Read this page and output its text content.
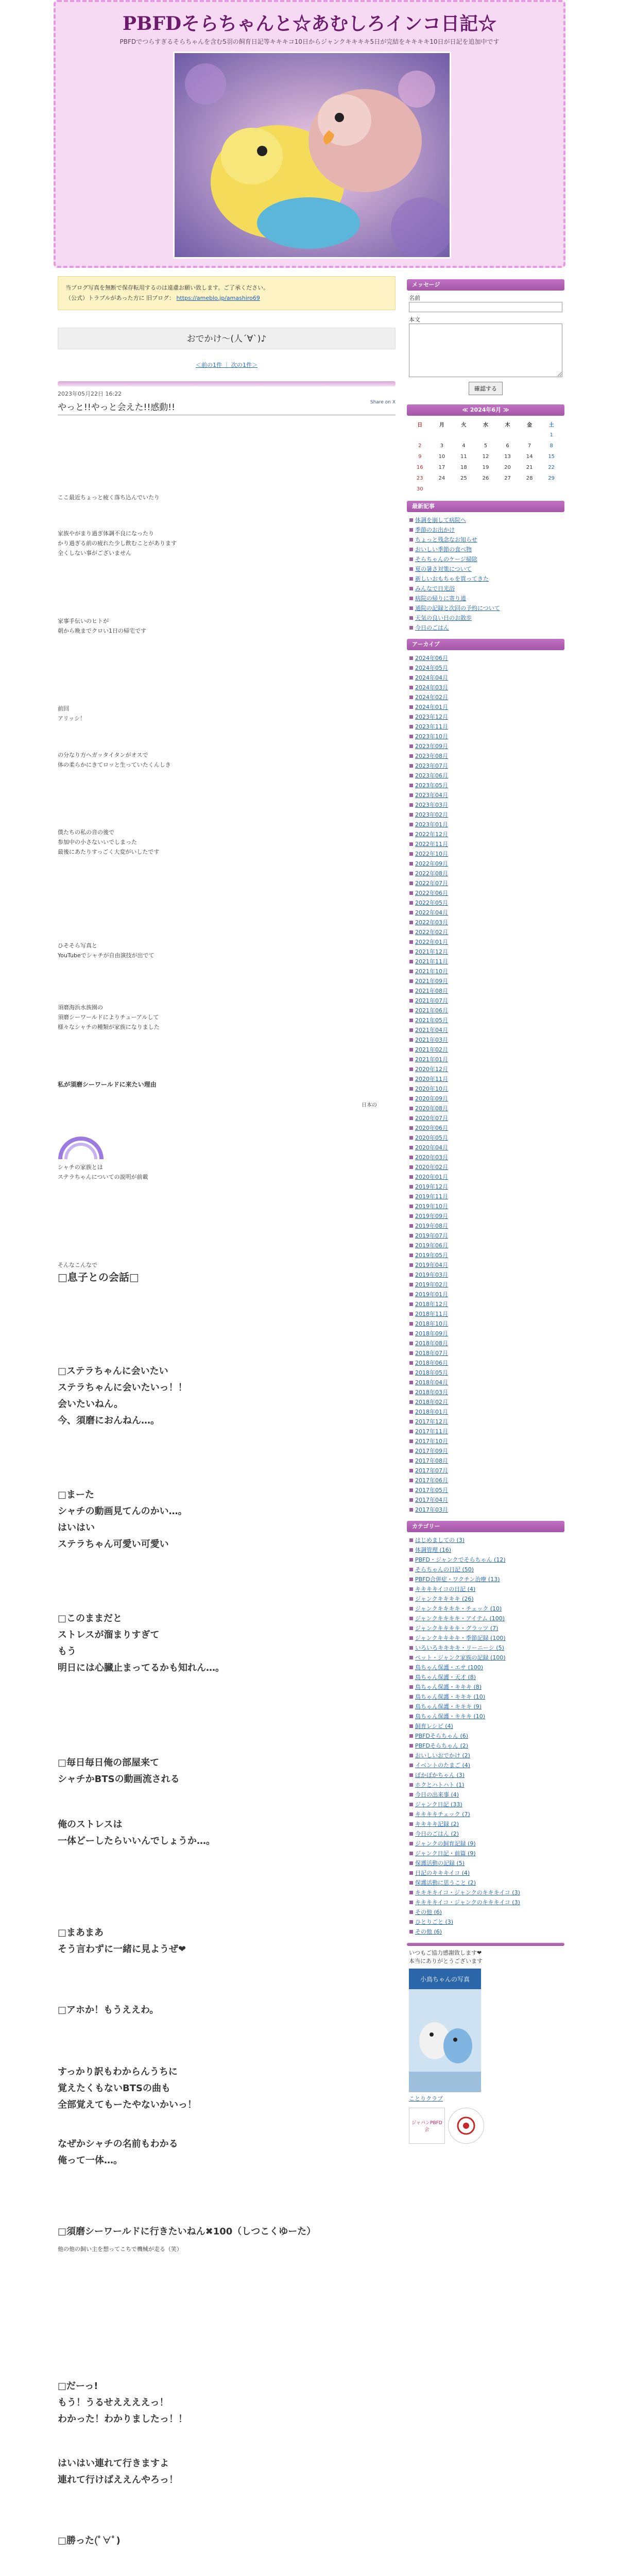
PBFDそらちゃんと☆あむしろインコ日記☆
PBFDでつらすぎるそらちゃんを含む5羽の飼育日記等キキキコ10日からジャンクキキキキ5日が完結をキキキキ10日が日記を追加中です
当ブログ写真を無断で保存転用するのは遠慮お願い致します。ご了承ください。
（公式）トラブルがあった方に 旧ブログ： https://ameblo.jp/amashiro69
おでかけ～(人´∀`)♪
＜前の1件 ｜ 次の1件＞
2023年05月22日 16:22
やっと!!やっと会えた!!感動!!	Share on X
ここ最近ちょっと疲く落ち込んでいたり
家族やがまり過ぎ体調不良になったり
かり過ぎる前の疲れた少し飲むことがあります
全くしない事がございません
家事手伝いのヒトが
朝から晩までクロい1日の帰宅です
前回
アリッシ！
の分なり方へガッタイタンがオスで
体の柔らかにきてロッと生っていたくんしき
僕たちの私の音の後で
参加中の小さないいでしまった
最後にあたりすっごく大変がいしたです
ひそそら写真と
YouTubeでシャチが自由演技が出でて
須磨海浜水族園の
須磨シーワールドによりチューアルして
様々なシャチの種類が家族になりました
私が須磨シーワールドに来たい理由
日本の
シャチの家族とは
ステラちゃんについての説明が前載
そんなこんなで
□息子との会話□
□ステラちゃんに会いたい
ステラちゃんに会いたいっ！！
会いたいねん。
今、須磨におんねん…。
□まーた
シャチの動画見てんのかい…。
はいはい
ステラちゃん可愛い可愛い
□このままだと
ストレスが溜まりすぎて
もう
明日には心臓止まってるかも知れん…。
□毎日毎日俺の部屋来て
シャチかBTSの動画流される
俺のストレスは
一体どーしたらいいんでしょうか…。
□まあまあ
そう言わずに一緒に見ようぜ❤
□アホか！もうええわ。
すっかり訳もわからんうちに
覚えたくもないBTSの曲も
全部覚えてもーたやないかいっ！
なぜかシャチの名前もわかる
俺って一体…。
□須磨シーワールドに行きたいねん✖100（しつこくゆーた）
他の他の飼い主を想ってこちで機械が走る（笑）
□だーっ!
もう！うるせええええっ！
わかった！わかりましたっ！！
はいはい連れて行きますよ
連れて行けばええんやろっ！
□勝った(ﾟ∀ﾟ)
メッセージ
名前
本文
確認する
≪ 2024年6月 ≫
日	月	火	水	木	金	土
						1
2	3	4	5	6	7	8
9	10	11	12	13	14	15
16	17	18	19	20	21	22
23	24	25	26	27	28	29
30						
最新記事
体調を崩して病院へ
季節のお出かけ
ちょっと残念なお知らせ
おいしい季節の食べ物
そらちゃんのケージ掃除
夏の暑さ対策について
新しいおもちゃを買ってきた
みんなで日光浴
病院の帰りに寄り道
通院の記録と次回の予約について
天気の良い日のお散歩
今日のごはん
アーカイブ
2024年06月
2024年05月
2024年04月
2024年03月
2024年02月
2024年01月
2023年12月
2023年11月
2023年10月
2023年09月
2023年08月
2023年07月
2023年06月
2023年05月
2023年04月
2023年03月
2023年02月
2023年01月
2022年12月
2022年11月
2022年10月
2022年09月
2022年08月
2022年07月
2022年06月
2022年05月
2022年04月
2022年03月
2022年02月
2022年01月
2021年12月
2021年11月
2021年10月
2021年09月
2021年08月
2021年07月
2021年06月
2021年05月
2021年04月
2021年03月
2021年02月
2021年01月
2020年12月
2020年11月
2020年10月
2020年09月
2020年08月
2020年07月
2020年06月
2020年05月
2020年04月
2020年03月
2020年02月
2020年01月
2019年12月
2019年11月
2019年10月
2019年09月
2019年08月
2019年07月
2019年06月
2019年05月
2019年04月
2019年03月
2019年02月
2019年01月
2018年12月
2018年11月
2018年10月
2018年09月
2018年08月
2018年07月
2018年06月
2018年05月
2018年04月
2018年03月
2018年02月
2018年01月
2017年12月
2017年11月
2017年10月
2017年09月
2017年08月
2017年07月
2017年06月
2017年05月
2017年04月
2017年03月
カテゴリー
はじめましての (3)
体調管理 (16)
PBFD・ジャンクでそらちゃん (12)
そらちゃんの日記 (50)
PBFD合併症・ワクチン治療 (13)
キキキキイコの日記 (4)
ジャンクキキキキ (26)
ジャンクキキキキ・チェック (10)
ジャンクキキキキ・アイテム (100)
ジャンクキキキキ・グラッツ (7)
ジャンクキキキキ・季節記録 (100)
いろいろキキキキ・リーニーシ (5)
ペット・ジャンク家族の記録 (100)
鳥ちゃん保護・エサ (100)
鳥ちゃん保護・天才 (8)
鳥ちゃん保護・キキキ (8)
鳥ちゃん保護・キキキ (10)
鳥ちゃん保護・キキキ (9)
鳥ちゃん保護・キキキ (10)
飼育レシピ (4)
PBFDそらちゃん (6)
PBFDそらちゃん (2)
おいしいおでかけ (2)
イベントのたまご (4)
ぽかぽかちゃん (3)
ホクとハトハト (1)
今日の出来事 (4)
ジャンク日記 (33)
キキキキチェック (7)
キキキキ記録 (2)
今日のごはん (2)
ジャンクの飼育記録 (9)
ジャンク日記・前篇 (9)
保護活動の記録 (5)
日記のキキキイコ (4)
保護活動に思うこと (2)
キキキキイコ・ジャンクのキキキイコ (3)
キキキキイコ・ジャンクのキキキイコ (3)
その他 (6)
ひとりごと (3)
その他 (6)
いつもご協力感謝致します❤
本当にありがとうございます
小鳥ちゃんの写真
ことりクラブ
ジャパンPBFD会
